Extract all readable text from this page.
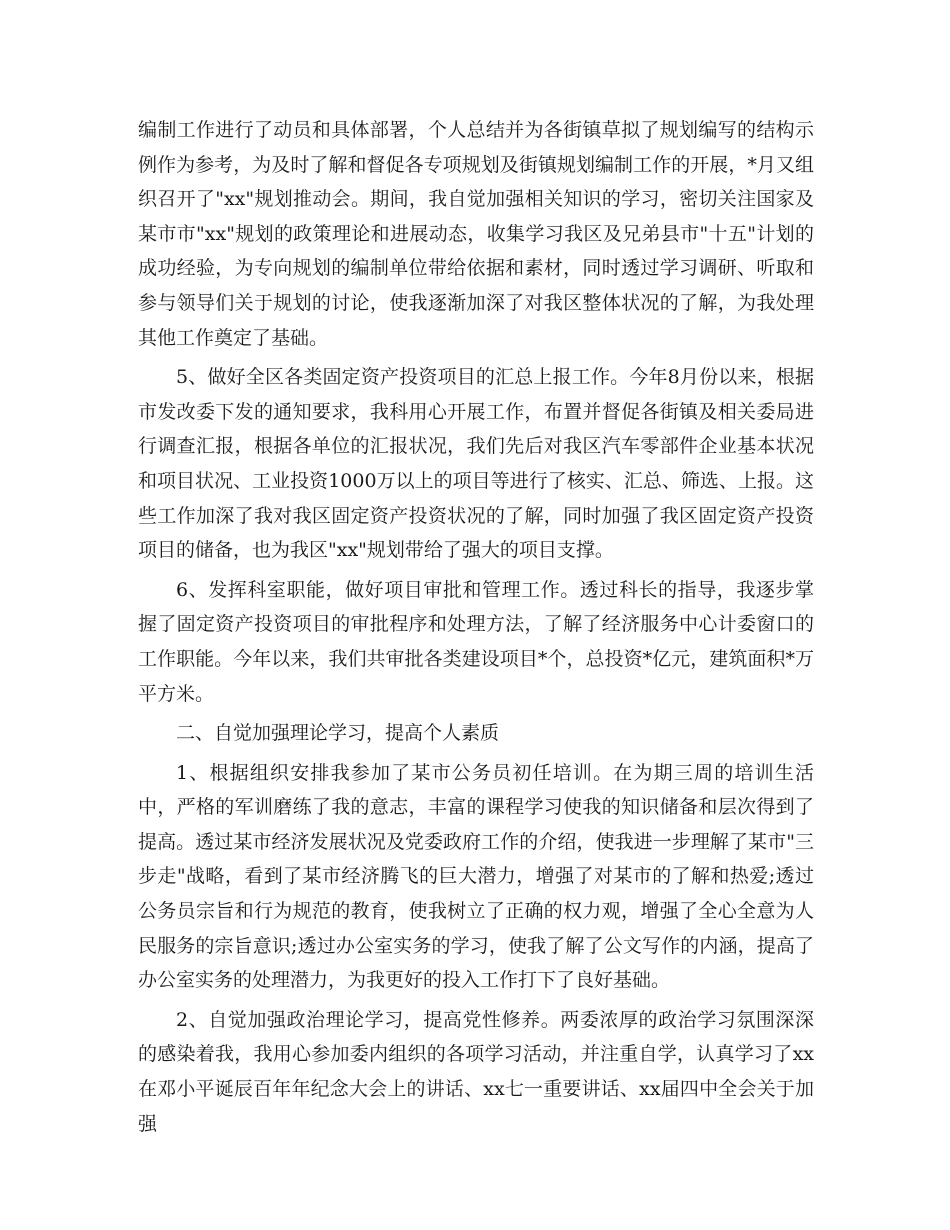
编制工作进行了动员和具体部署，个人总结并为各街镇草拟了规划编写的结构示例作为参考，为及时了解和督促各专项规划及街镇规划编制工作的开展，*月又组织召开了"xx"规划推动会。期间，我自觉加强相关知识的学习，密切关注国家及某市市"xx"规划的政策理论和进展动态，收集学习我区及兄弟县市"十五"计划的成功经验，为专向规划的编制单位带给依据和素材，同时透过学习调研、听取和参与领导们关于规划的讨论，使我逐渐加深了对我区整体状况的了解，为我处理其他工作奠定了基础。

5、做好全区各类固定资产投资项目的汇总上报工作。今年8月份以来，根据市发改委下发的通知要求，我科用心开展工作，布置并督促各街镇及相关委局进行调查汇报，根据各单位的汇报状况，我们先后对我区汽车零部件企业基本状况和项目状况、工业投资1000万以上的项目等进行了核实、汇总、筛选、上报。这些工作加深了我对我区固定资产投资状况的了解，同时加强了我区固定资产投资项目的储备，也为我区"xx"规划带给了强大的项目支撑。

6、发挥科室职能，做好项目审批和管理工作。透过科长的指导，我逐步掌握了固定资产投资项目的审批程序和处理方法，了解了经济服务中心计委窗口的工作职能。今年以来，我们共审批各类建设项目*个，总投资*亿元，建筑面积*万平方米。

二、自觉加强理论学习，提高个人素质

1、根据组织安排我参加了某市公务员初任培训。在为期三周的培训生活中，严格的军训磨练了我的意志，丰富的课程学习使我的知识储备和层次得到了提高。透过某市经济发展状况及党委政府工作的介绍，使我进一步理解了某市"三步走"战略，看到了某市经济腾飞的巨大潜力，增强了对某市的了解和热爱;透过公务员宗旨和行为规范的教育，使我树立了正确的权力观，增强了全心全意为人民服务的宗旨意识;透过办公室实务的学习，使我了解了公文写作的内涵，提高了办公室实务的处理潜力，为我更好的投入工作打下了良好基础。

2、自觉加强政治理论学习，提高党性修养。两委浓厚的政治学习氛围深深的感染着我，我用心参加委内组织的各项学习活动，并注重自学，认真学习了xx在邓小平诞辰百年年纪念大会上的讲话、xx七一重要讲话、xx届四中全会关于加强
